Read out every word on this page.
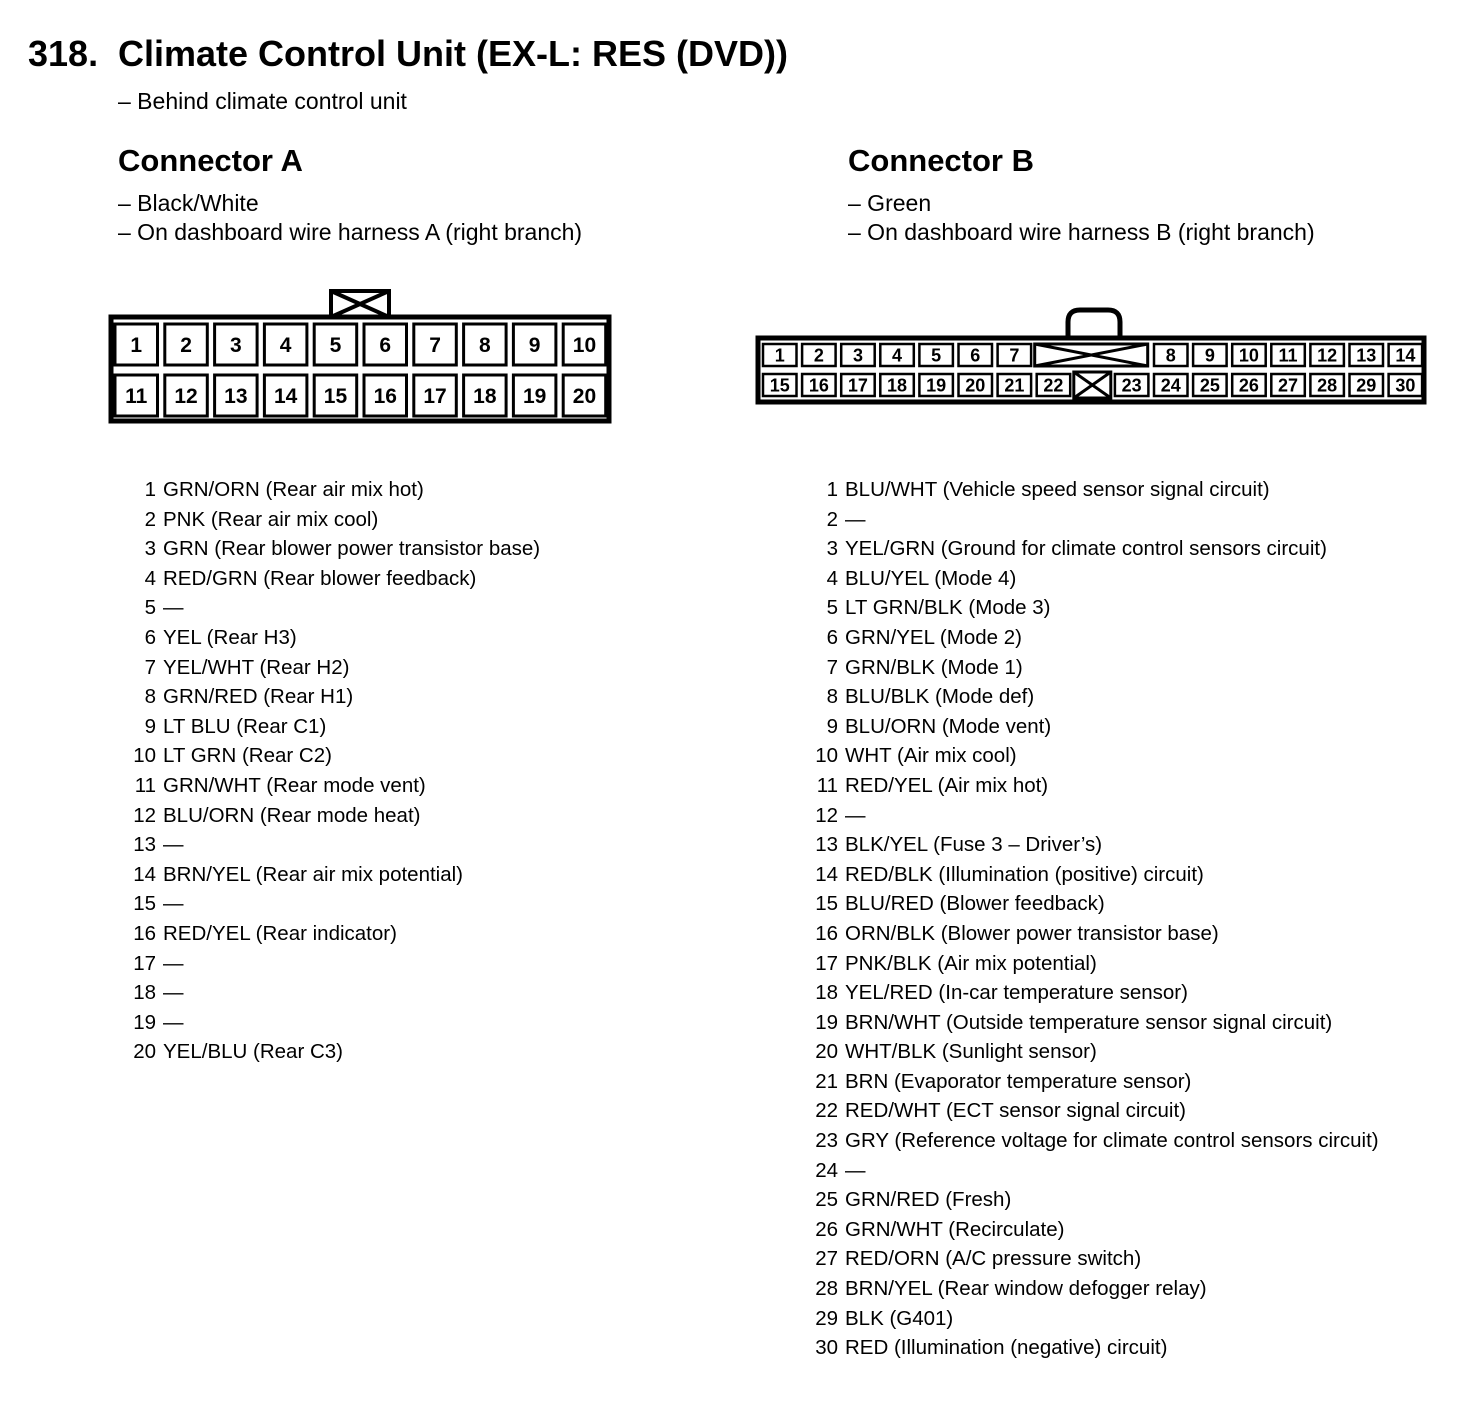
318. Climate Control Unit (EX-L: RES (DVD))
– Behind climate control unit
Connector A
– Black/White
– On dashboard wire harness A (right branch)
Connector B
– Green
– On dashboard wire harness B (right branch)
1 2 3 4 5 6 7 8 9 10
11 12 13 14 15 16 17 18 19 20
1 2 3 4 5 6 7	8 9 10 11 12 13 14
15 16 17 18 19 20 21 22	23 24 25 26 27 28 29 30
1 GRN/ORN (Rear air mix hot)
2 PNK (Rear air mix cool)
3 GRN (Rear blower power transistor base)
4 RED/GRN (Rear blower feedback)
5 —
6 YEL (Rear H3)
7 YEL/WHT (Rear H2)
8 GRN/RED (Rear H1)
9 LT BLU (Rear C1)
10 LT GRN (Rear C2)
11 GRN/WHT (Rear mode vent)
12 BLU/ORN (Rear mode heat)
13 —
14 BRN/YEL (Rear air mix potential)
15 —
16 RED/YEL (Rear indicator)
17 —
18 —
19 —
20 YEL/BLU (Rear C3)
1 BLU/WHT (Vehicle speed sensor signal circuit)
2 —
3 YEL/GRN (Ground for climate control sensors circuit)
4 BLU/YEL (Mode 4)
5 LT GRN/BLK (Mode 3)
6 GRN/YEL (Mode 2)
7 GRN/BLK (Mode 1)
8 BLU/BLK (Mode def)
9 BLU/ORN (Mode vent)
10 WHT (Air mix cool)
11 RED/YEL (Air mix hot)
12 —
13 BLK/YEL (Fuse 3 – Driver’s)
14 RED/BLK (Illumination (positive) circuit)
15 BLU/RED (Blower feedback)
16 ORN/BLK (Blower power transistor base)
17 PNK/BLK (Air mix potential)
18 YEL/RED (In-car temperature sensor)
19 BRN/WHT (Outside temperature sensor signal circuit)
20 WHT/BLK (Sunlight sensor)
21 BRN (Evaporator temperature sensor)
22 RED/WHT (ECT sensor signal circuit)
23 GRY (Reference voltage for climate control sensors circuit)
24 —
25 GRN/RED (Fresh)
26 GRN/WHT (Recirculate)
27 RED/ORN (A/C pressure switch)
28 BRN/YEL (Rear window defogger relay)
29 BLK (G401)
30 RED (Illumination (negative) circuit)
